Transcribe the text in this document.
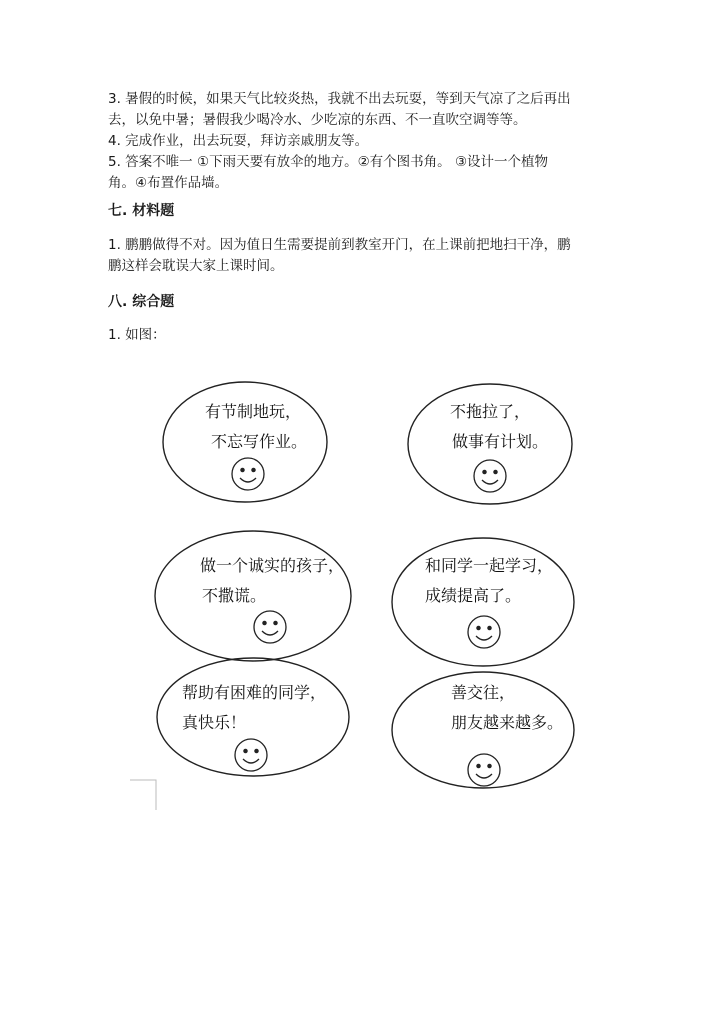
3. 暑假的时候，如果天气比较炎热，我就不出去玩耍，等到天气凉了之后再出

去，以免中暑；暑假我少喝冷水、少吃凉的东西、不一直吹空调等等。

4. 完成作业，出去玩耍，拜访亲戚朋友等。

5. 答案不唯一 ①下雨天要有放伞的地方。②有个图书角。 ③设计一个植物

角。④布置作品墙。

七. 材料题

1. 鹏鹏做得不对。因为值日生需要提前到教室开门，在上课前把地扫干净，鹏

鹏这样会耽误大家上课时间。

八. 综合题

1. 如图：

有节制地玩，
不忘写作业。
不拖拉了，
做事有计划。
做一个诚实的孩子，
不撒谎。
和同学一起学习，
成绩提高了。
帮助有困难的同学，
真快乐！
善交往，
朋友越来越多。
